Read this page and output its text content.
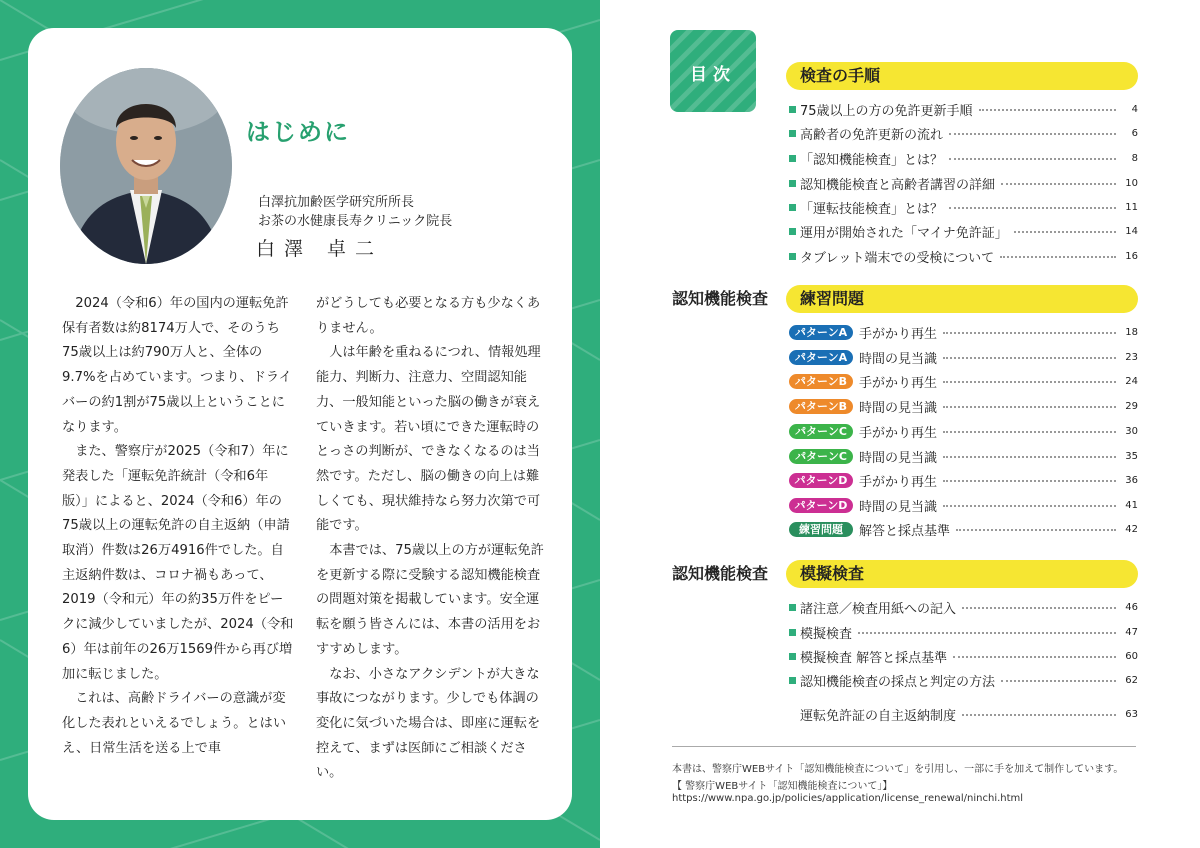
はじめに
白澤抗加齢医学研究所所長
お茶の水健康長寿クリニック院長
白澤 卓二

2024（令和6）年の国内の運転免許保有者数は約8174万人で、そのうち75歳以上は約790万人と、全体の9.7%を占めています。つまり、ドライバーの約1割が75歳以上ということになります。

また、警察庁が2025（令和7）年に発表した「運転免許統計（令和6年版）」によると、2024（令和6）年の75歳以上の運転免許の自主返納（申請取消）件数は26万4916件でした。自主返納件数は、コロナ禍もあって、2019（令和元）年の約35万件をピークに減少していましたが、2024（令和6）年は前年の26万1569件から再び増加に転じました。

これは、高齢ドライバーの意識が変化した表れといえるでしょう。とはいえ、日常生活を送る上で車

がどうしても必要となる方も少なくありません。

人は年齢を重ねるにつれ、情報処理能力、判断力、注意力、空間認知能力、一般知能といった脳の働きが衰えていきます。若い頃にできた運転時のとっさの判断が、できなくなるのは当然です。ただし、脳の働きの向上は難しくても、現状維持なら努力次第で可能です。

本書では、75歳以上の方が運転免許を更新する際に受験する認知機能検査の問題対策を掲載しています。安全運転を願う皆さんには、本書の活用をおすすめします。

なお、小さなアクシデントが大きな事故につながります。少しでも体調の変化に気づいた場合は、即座に運転を控えて、まずは医師にご相談ください。

目次	検査の手順
75歳以上の方の免許更新手順	4
高齢者の免許更新の流れ	6
「認知機能検査」とは？	8
認知機能検査と高齢者講習の詳細	10
「運転技能検査」とは？	11
運用が開始された「マイナ免許証」	14
タブレット端末での受検について	16
認知機能検査	練習問題
パターンA 手がかり再生	18
パターンA 時間の見当識	23
パターンB 手がかり再生	24
パターンB 時間の見当識	29
パターンC 手がかり再生	30
パターンC 時間の見当識	35
パターンD 手がかり再生	36
パターンD 時間の見当識	41
練習問題	解答と採点基準	42
認知機能検査	模擬検査
諸注意／検査用紙への記入	46
模擬検査	47
模擬検査 解答と採点基準	60
認知機能検査の採点と判定の方法	62
運転免許証の自主返納制度	63
本書は、警察庁WEBサイト「認知機能検査について」を引用し、一部に手を加えて制作しています。
【 警察庁WEBサイト「認知機能検査について」】
https://www.npa.go.jp/policies/application/license_renewal/ninchi.html
